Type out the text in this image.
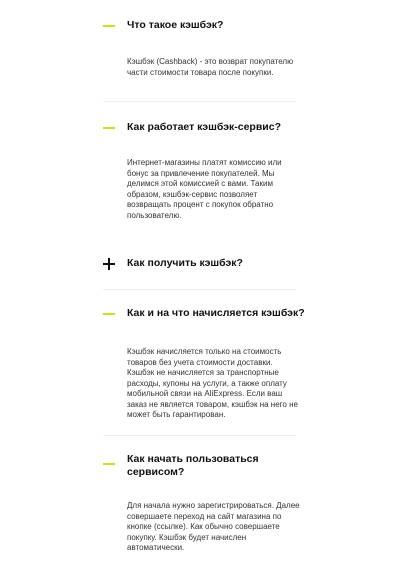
Что такое кэшбэк?
Кэшбэк (Cashback) - это возврат покупателю части стоимости товара после покупки.
Как работает кэшбэк-сервис?
Интернет-магазины платят комиссию или бонус за привлечение покупателей. Мы делимся этой комиссией с вами. Таким образом, кэшбэк-сервис позволяет возвращать процент с покупок обратно пользователю.
Как получить кэшбэк?
Как и на что начисляется кэшбэк?
Кэшбэк начисляется только на стоимость товаров без учета стоимости доставки. Кэшбэк не начисляется за транспортные расходы, купоны на услуги, а также оплату мобильной связи на AliExpress. Если ваш заказ не является товаром, кэшбэк на него не может быть гарантирован.
Как начать пользоваться сервисом?
Для начала нужно зарегистрироваться. Далее совершаете переход на сайт магазина по кнопке (ссылке). Как обычно совершаете покупку. Кэшбэк будет начислен автоматически.
